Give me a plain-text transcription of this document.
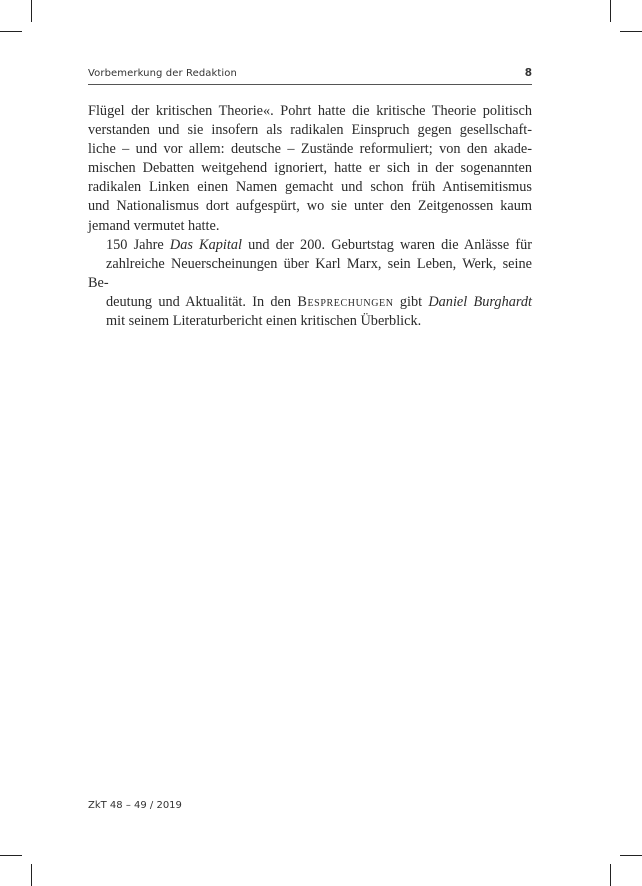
Vorbemerkung der Redaktion	8

Flügel der kritischen Theorie«. Pohrt hatte die kritische Theorie politisch
verstanden und sie insofern als radikalen Einspruch gegen gesellschaft-
liche – und vor allem: deutsche – Zustände reformuliert; von den akade-
mischen Debatten weitgehend ignoriert, hatte er sich in der sogenannten
radikalen Linken einen Namen gemacht und schon früh Antisemitismus
und Nationalismus dort aufgespürt, wo sie unter den Zeitgenossen kaum
jemand vermutet hatte.

150 Jahre Das Kapital und der 200. Geburtstag waren die Anlässe für
zahlreiche Neuerscheinungen über Karl Marx, sein Leben, Werk, seine Be-
deutung und Aktualität. In den Besprechungen gibt Daniel Burghardt
mit seinem Literaturbericht einen kritischen Überblick.

ZkT 48 – 49 / 2019
